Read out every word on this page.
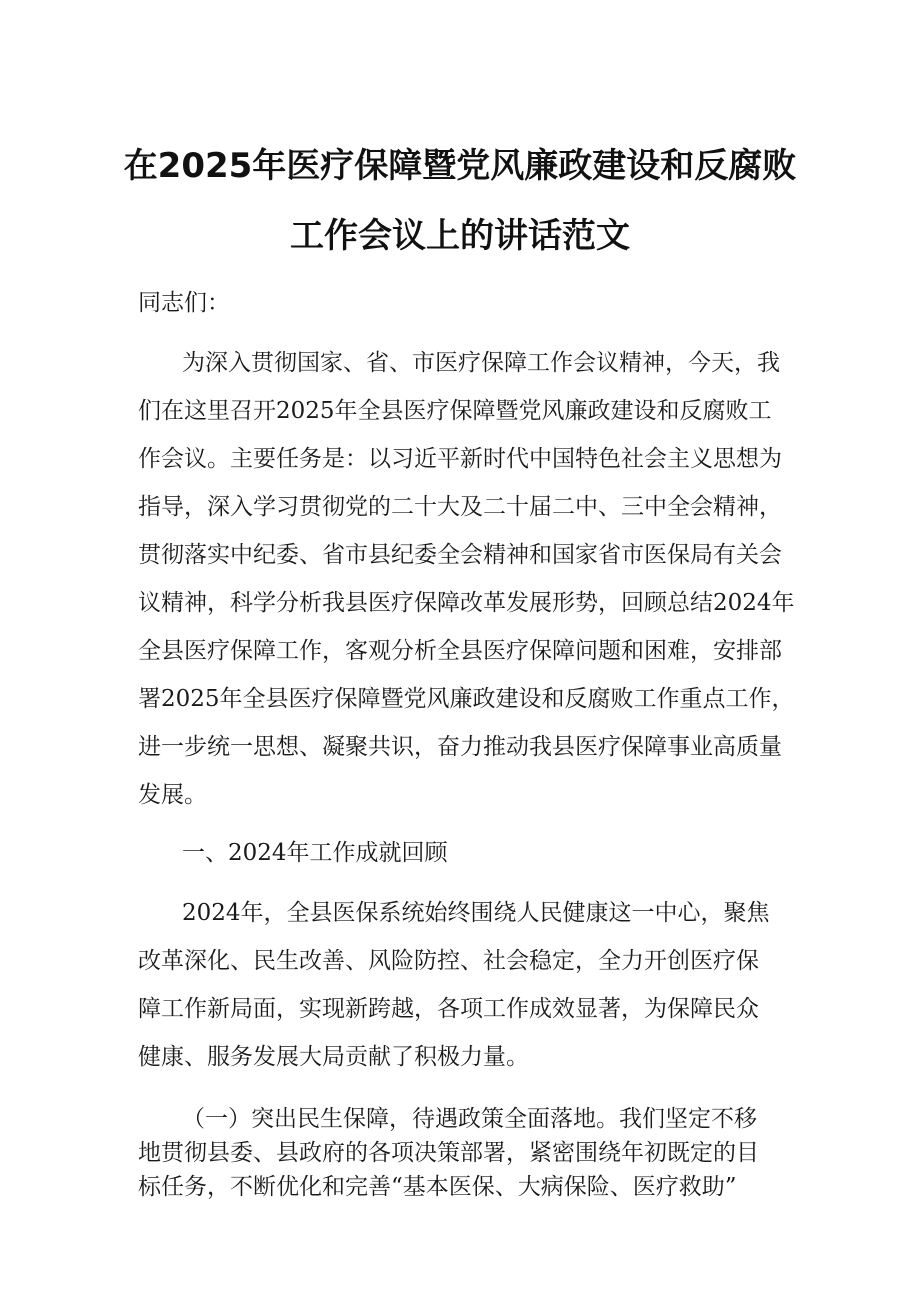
在2025年医疗保障暨党风廉政建设和反腐败
工作会议上的讲话范文
同志们：
为深入贯彻国家、省、市医疗保障工作会议精神，今天，我
们在这里召开2025年全县医疗保障暨党风廉政建设和反腐败工
作会议。主要任务是：以习近平新时代中国特色社会主义思想为
指导，深入学习贯彻党的二十大及二十届二中、三中全会精神，
贯彻落实中纪委、省市县纪委全会精神和国家省市医保局有关会
议精神，科学分析我县医疗保障改革发展形势，回顾总结2024年
全县医疗保障工作，客观分析全县医疗保障问题和困难，安排部
署2025年全县医疗保障暨党风廉政建设和反腐败工作重点工作，
进一步统一思想、凝聚共识，奋力推动我县医疗保障事业高质量
发展。
一、2024年工作成就回顾
2024年，全县医保系统始终围绕人民健康这一中心，聚焦
改革深化、民生改善、风险防控、社会稳定，全力开创医疗保
障工作新局面，实现新跨越，各项工作成效显著，为保障民众
健康、服务发展大局贡献了积极力量。
（一）突出民生保障，待遇政策全面落地。我们坚定不移
地贯彻县委、县政府的各项决策部署，紧密围绕年初既定的目
标任务，不断优化和完善“基本医保、大病保险、医疗救助”
